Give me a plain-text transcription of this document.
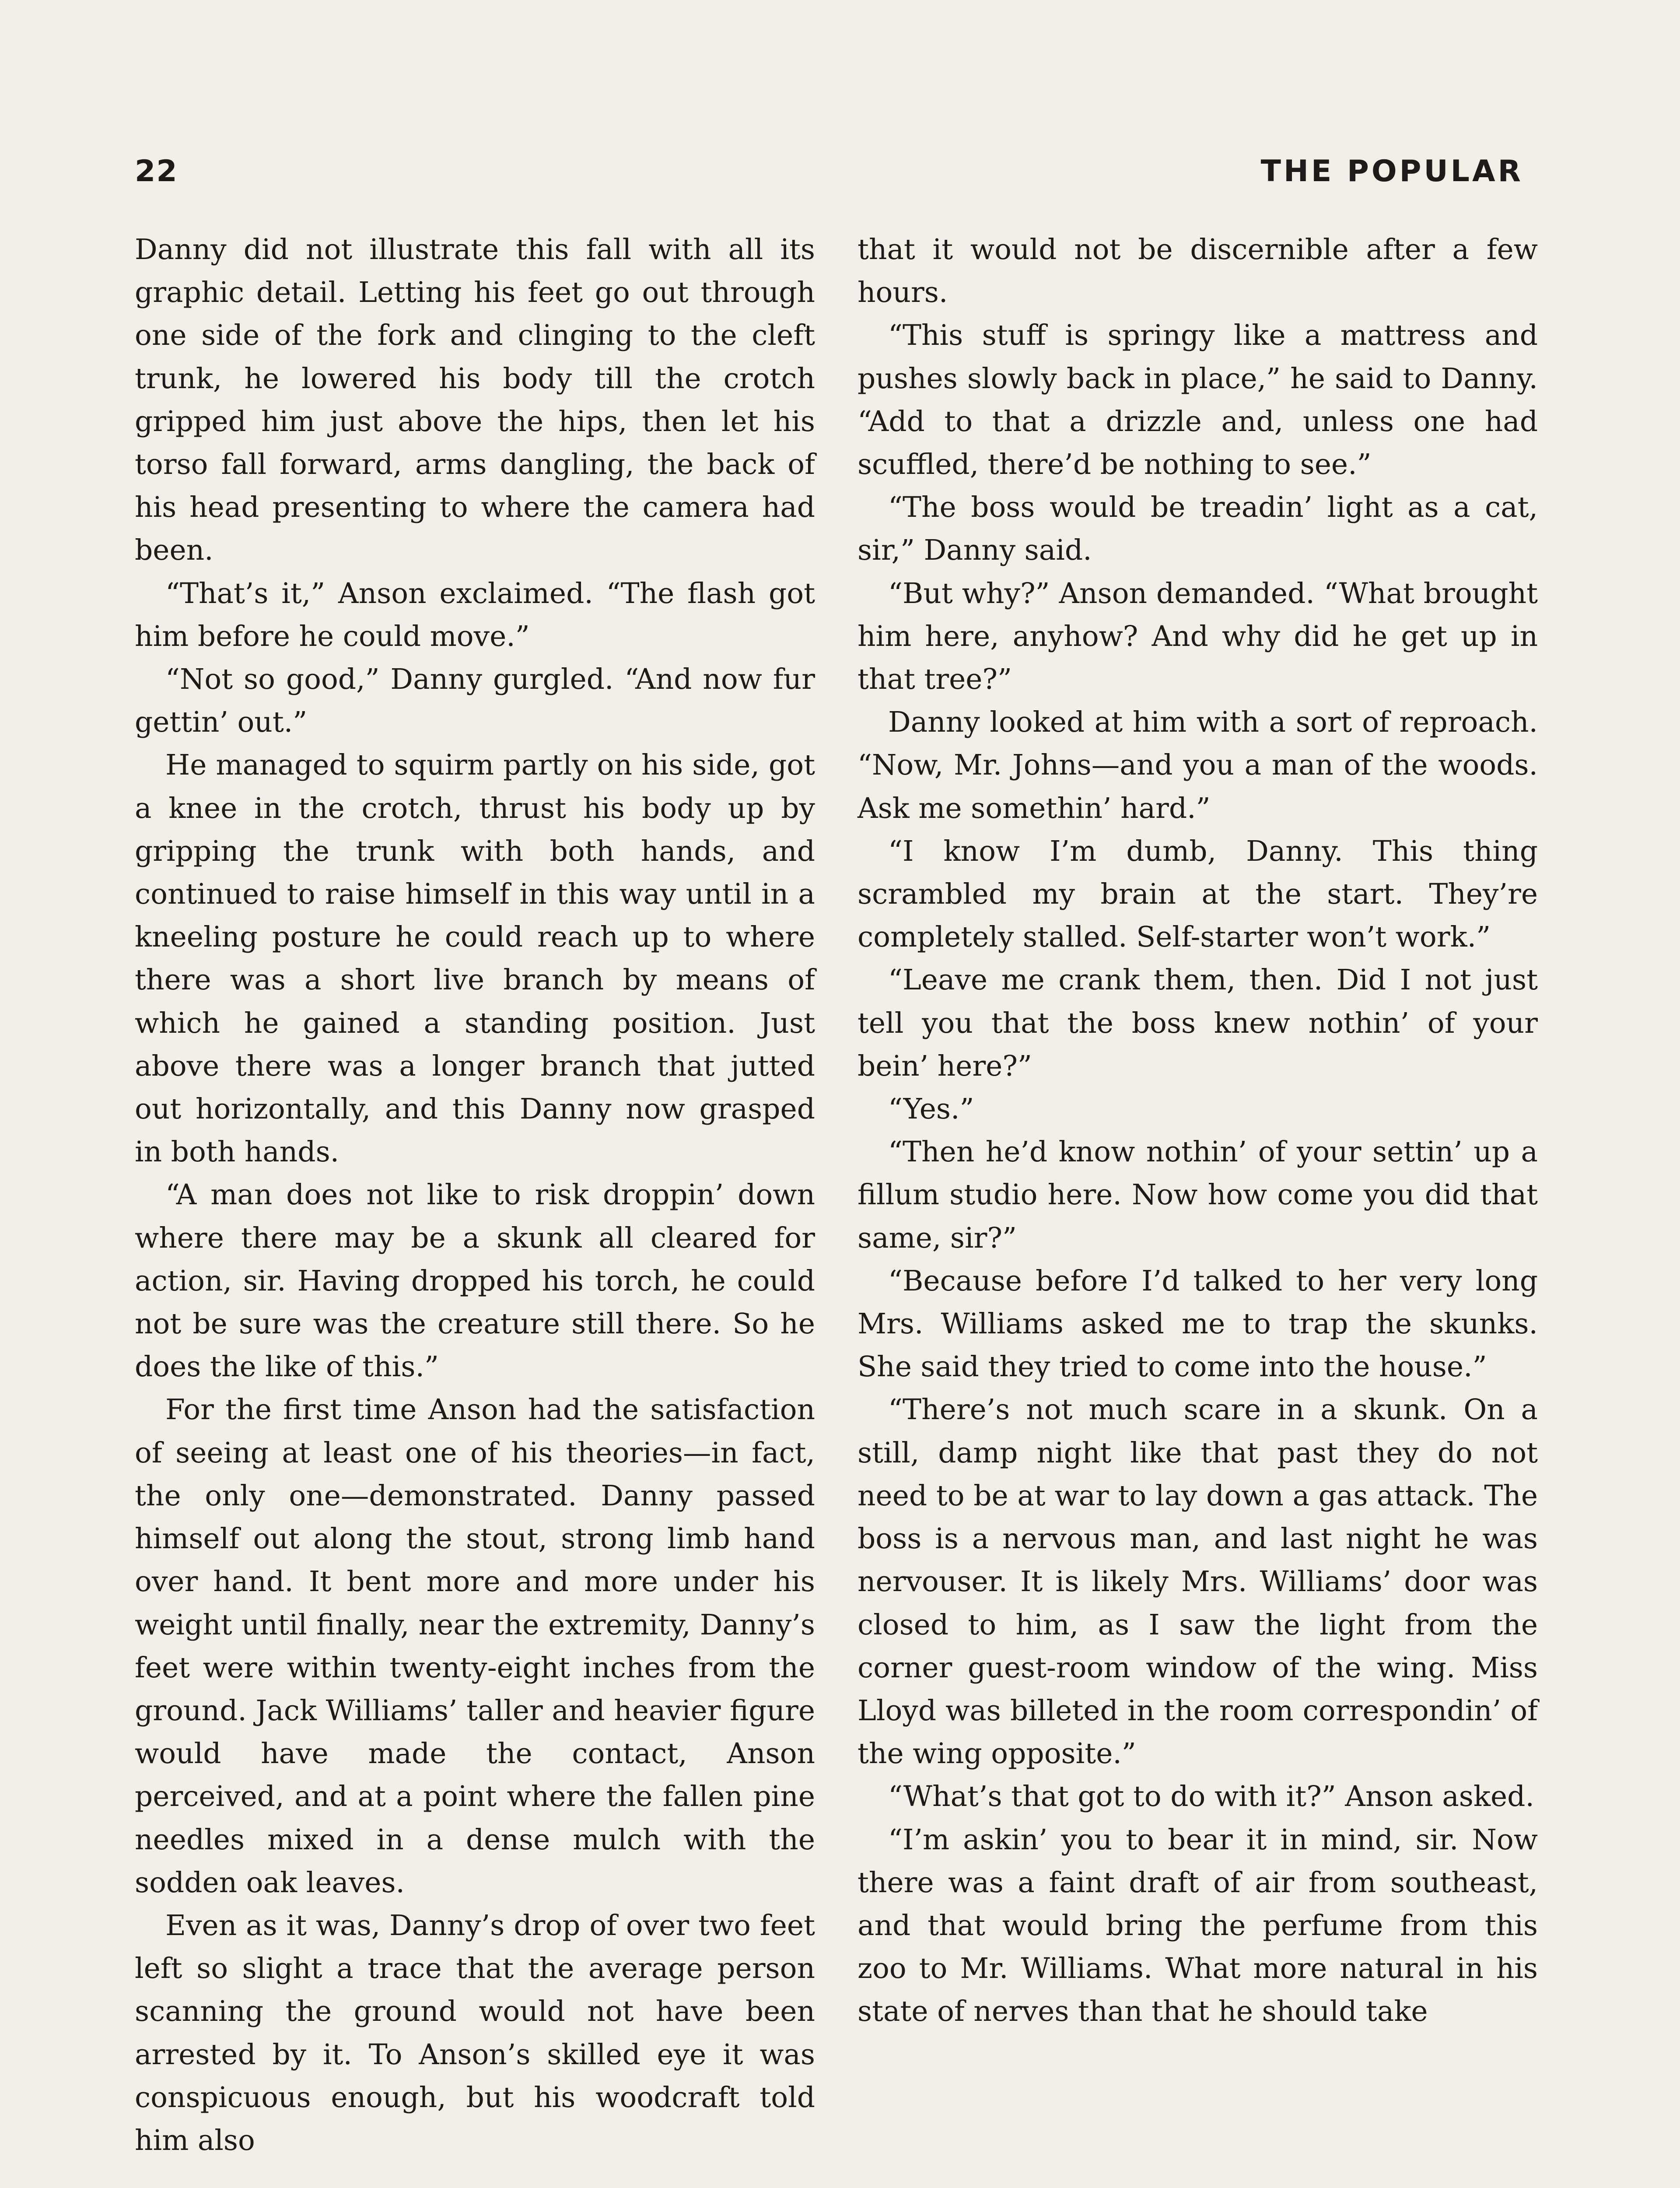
22	THE POPULAR

Danny did not illustrate this fall with all its graphic detail. Letting his feet go out through one side of the fork and clinging to the cleft trunk, he lowered his body till the crotch gripped him just above the hips, then let his torso fall forward, arms dangling, the back of his head presenting to where the camera had been.

“That’s it,” Anson exclaimed. “The flash got him before he could move.”

“Not so good,” Danny gurgled. “And now fur gettin’ out.”

He managed to squirm partly on his side, got a knee in the crotch, thrust his body up by gripping the trunk with both hands, and continued to raise himself in this way until in a kneeling posture he could reach up to where there was a short live branch by means of which he gained a standing position. Just above there was a longer branch that jutted out horizontally, and this Danny now grasped in both hands.

“A man does not like to risk droppin’ down where there may be a skunk all cleared for action, sir. Having dropped his torch, he could not be sure was the creature still there. So he does the like of this.”

For the first time Anson had the satisfaction of seeing at least one of his theories—in fact, the only one—demonstrated. Danny passed himself out along the stout, strong limb hand over hand. It bent more and more under his weight until finally, near the extremity, Danny’s feet were within twenty-eight inches from the ground. Jack Williams’ taller and heavier figure would have made the contact, Anson perceived, and at a point where the fallen pine needles mixed in a dense mulch with the sodden oak leaves.

Even as it was, Danny’s drop of over two feet left so slight a trace that the average person scanning the ground would not have been arrested by it. To Anson’s skilled eye it was conspicuous enough, but his woodcraft told him also

that it would not be discernible after a few hours.

“This stuff is springy like a mattress and pushes slowly back in place,” he said to Danny. “Add to that a drizzle and, unless one had scuffled, there’d be nothing to see.”

“The boss would be treadin’ light as a cat, sir,” Danny said.

“But why?” Anson demanded. “What brought him here, anyhow? And why did he get up in that tree?”

Danny looked at him with a sort of reproach. “Now, Mr. Johns—and you a man of the woods. Ask me somethin’ hard.”

“I know I’m dumb, Danny. This thing scrambled my brain at the start. They’re completely stalled. Self-starter won’t work.”

“Leave me crank them, then. Did I not just tell you that the boss knew nothin’ of your bein’ here?”

“Yes.”

“Then he’d know nothin’ of your settin’ up a fillum studio here. Now how come you did that same, sir?”

“Because before I’d talked to her very long Mrs. Williams asked me to trap the skunks. She said they tried to come into the house.”

“There’s not much scare in a skunk. On a still, damp night like that past they do not need to be at war to lay down a gas attack. The boss is a nervous man, and last night he was nervouser. It is likely Mrs. Williams’ door was closed to him, as I saw the light from the corner guest-room window of the wing. Miss Lloyd was billeted in the room correspondin’ of the wing opposite.”

“What’s that got to do with it?” Anson asked.

“I’m askin’ you to bear it in mind, sir. Now there was a faint draft of air from southeast, and that would bring the perfume from this zoo to Mr. Williams. What more natural in his state of nerves than that he should take
